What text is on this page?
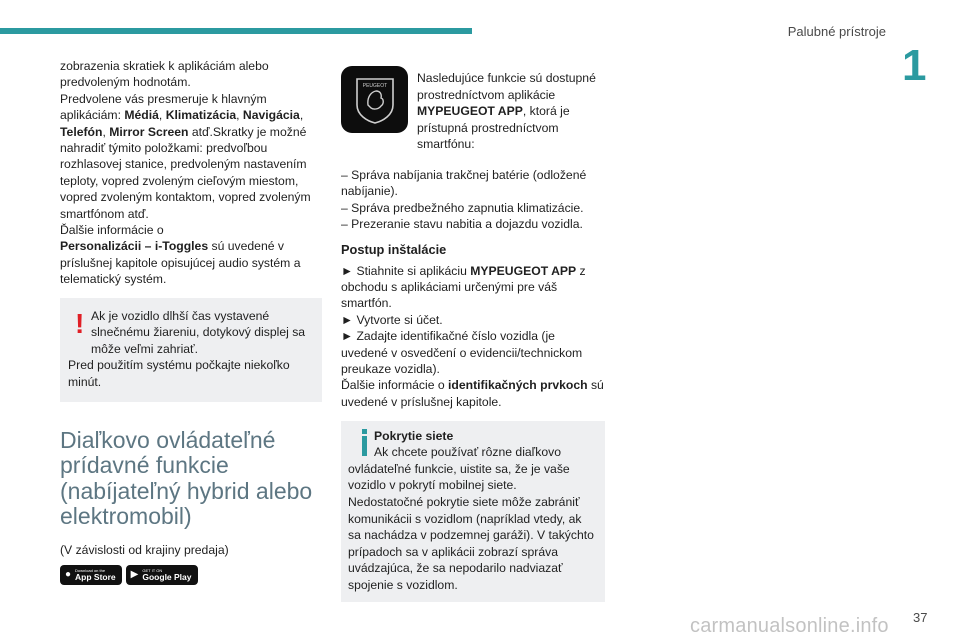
Palubné prístroje
1

zobrazenia skratiek k aplikáciám alebo predvoleným hodnotám.
Predvolene vás presmeruje k hlavným aplikáciám: Médiá, Klimatizácia, Navigácia, Telefón, Mirror Screen atď.Skratky je možné nahradiť týmito položkami: predvoľbou rozhlasovej stanice, predvoleným nastavením teploty, vopred zvoleným cieľovým miestom, vopred zvoleným kontaktom, vopred zvoleným smartfónom atď.
Ďalšie informácie o
Personalizácii – i-Toggles sú uvedené v príslušnej kapitole opisujúcej audio systém a telematický systém.

! Ak je vozidlo dlhší čas vystavené slnečnému žiareniu, dotykový displej sa môže veľmi zahriať.
Pred použitím systému počkajte niekoľko minút.
Diaľkovo ovládateľné prídavné funkcie (nabíjateľný hybrid alebo elektromobil)
(V závislosti od krajiny predaja)
● Download on the
App Store ▶ GET IT ON
Google Play
PEUGEOT
Nasledujúce funkcie sú dostupné prostredníctvom aplikácie MYPEUGEOT APP, ktorá je prístupná prostredníctvom smartfónu:
– Správa nabíjania trakčnej batérie (odložené nabíjanie).
– Správa predbežného zapnutia klimatizácie.
– Prezeranie stavu nabitia a dojazdu vozidla.
Postup inštalácie
► Stiahnite si aplikáciu MYPEUGEOT APP z obchodu s aplikáciami určenými pre váš smartfón.
► Vytvorte si účet.
► Zadajte identifikačné číslo vozidla (je uvedené v osvedčení o evidencii/technickom preukaze vozidla).
Ďalšie informácie o identifikačných prvkoch sú uvedené v príslušnej kapitole.
Pokrytie siete
Ak chcete používať rôzne diaľkovo
ovládateľné funkcie, uistite sa, že je vaše vozidlo v pokrytí mobilnej siete.
Nedostatočné pokrytie siete môže zabrániť komunikácii s vozidlom (napríklad vtedy, ak sa nachádza v podzemnej garáži). V takýchto prípadoch sa v aplikácii zobrazí správa uvádzajúca, že sa nepodarilo nadviazať spojenie s vozidlom.
37
carmanualsonline.info
